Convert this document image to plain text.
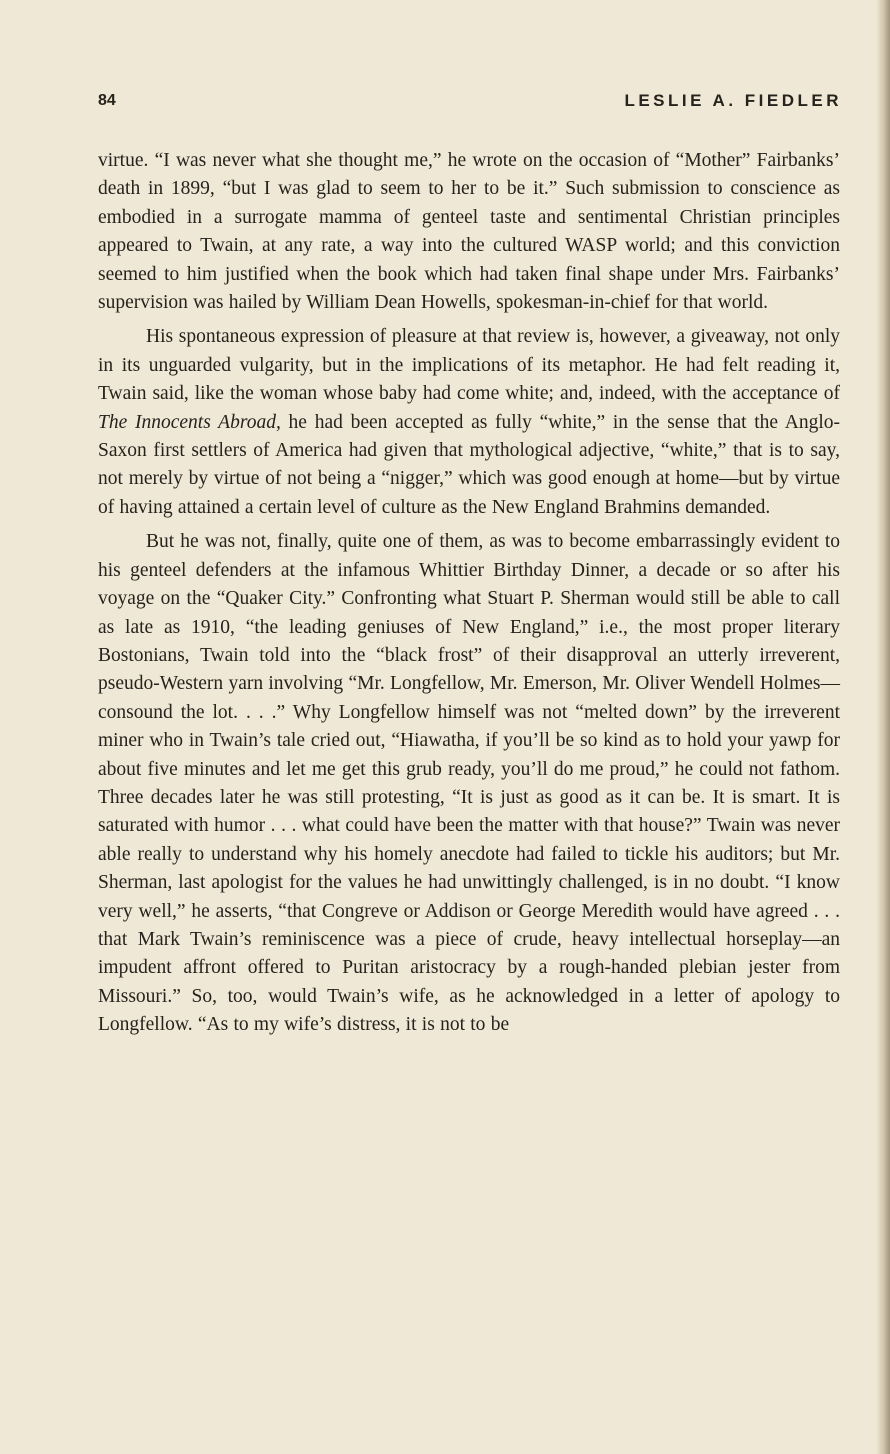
84	LESLIE A. FIEDLER

virtue. “I was never what she thought me,” he wrote on the occasion of “Mother” Fairbanks’ death in 1899, “but I was glad to seem to her to be it.” Such submission to conscience as embodied in a surrogate mamma of genteel taste and sentimental Christian principles appeared to Twain, at any rate, a way into the cultured WASP world; and this conviction seemed to him justified when the book which had taken final shape under Mrs. Fairbanks’ supervision was hailed by William Dean Howells, spokesman-in-chief for that world.

His spontaneous expression of pleasure at that review is, however, a giveaway, not only in its unguarded vulgarity, but in the implications of its metaphor. He had felt reading it, Twain said, like the woman whose baby had come white; and, indeed, with the acceptance of The Innocents Abroad, he had been accepted as fully “white,” in the sense that the Anglo-Saxon first settlers of America had given that mythological adjective, “white,” that is to say, not merely by virtue of not being a “nigger,” which was good enough at home—but by virtue of having attained a certain level of culture as the New England Brahmins demanded.

But he was not, finally, quite one of them, as was to become embarrassingly evident to his genteel defenders at the infamous Whittier Birthday Dinner, a decade or so after his voyage on the “Quaker City.” Confronting what Stuart P. Sherman would still be able to call as late as 1910, “the leading geniuses of New England,” i.e., the most proper literary Bostonians, Twain told into the “black frost” of their disapproval an utterly irreverent, pseudo-Western yarn involving “Mr. Longfellow, Mr. Emerson, Mr. Oliver Wendell Holmes—consound the lot. . . .” Why Longfellow himself was not “melted down” by the irreverent miner who in Twain’s tale cried out, “Hiawatha, if you’ll be so kind as to hold your yawp for about five minutes and let me get this grub ready, you’ll do me proud,” he could not fathom. Three decades later he was still protesting, “It is just as good as it can be. It is smart. It is saturated with humor . . . what could have been the matter with that house?” Twain was never able really to understand why his homely anecdote had failed to tickle his auditors; but Mr. Sherman, last apologist for the values he had unwittingly challenged, is in no doubt. “I know very well,” he asserts, “that Congreve or Addison or George Meredith would have agreed . . . that Mark Twain’s reminiscence was a piece of crude, heavy intellectual horseplay—an impudent affront offered to Puritan aristocracy by a rough-handed plebian jester from Missouri.” So, too, would Twain’s wife, as he acknowledged in a letter of apology to Longfellow. “As to my wife’s distress, it is not to be
